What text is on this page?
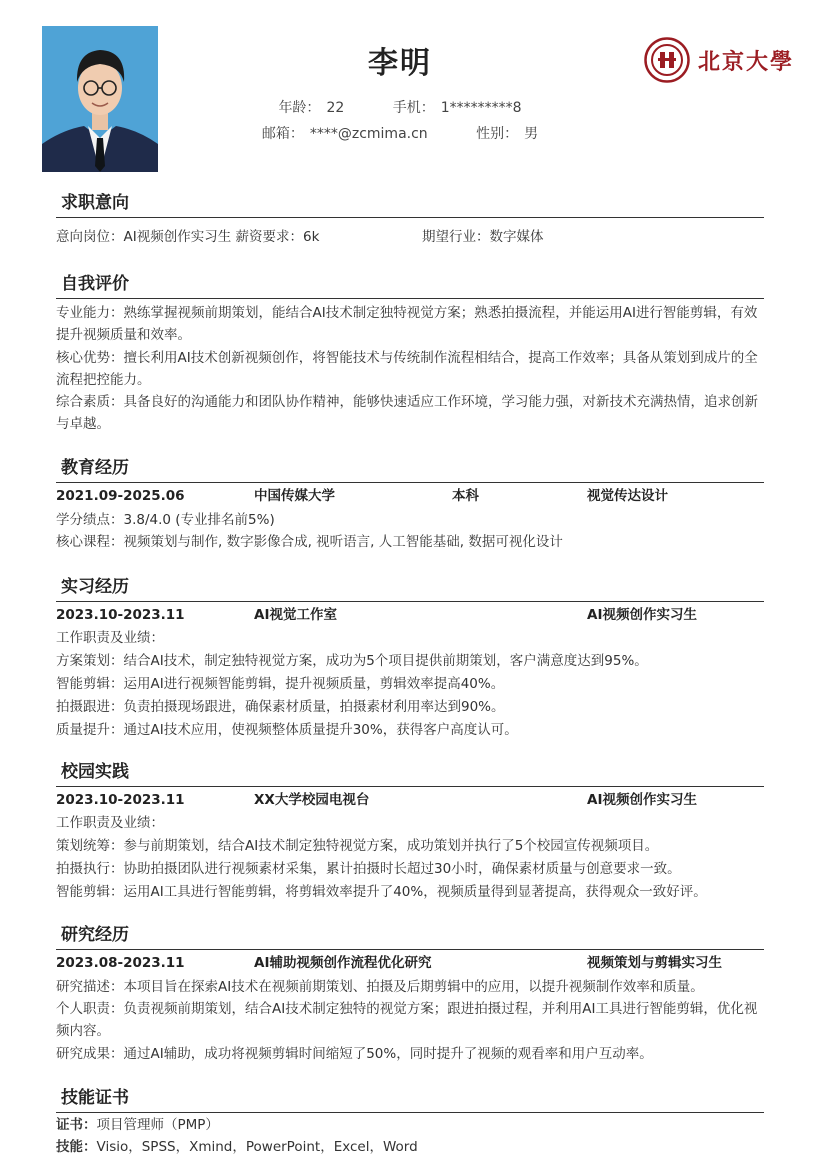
李明
年龄： 22	手机： 1*********8
邮箱： ****@zcmima.cn	性别： 男
北京大學
求职意向
意向岗位：AI视频创作实习生 薪资要求：6k	期望行业：数字媒体
自我评价
专业能力：熟练掌握视频前期策划，能结合AI技术制定独特视觉方案；熟悉拍摄流程，并能运用AI进行智能剪辑，有效提升视频质量和效率。
核心优势：擅长利用AI技术创新视频创作，将智能技术与传统制作流程相结合，提高工作效率；具备从策划到成片的全流程把控能力。
综合素质：具备良好的沟通能力和团队协作精神，能够快速适应工作环境，学习能力强，对新技术充满热情，追求创新与卓越。
教育经历
2021.09-2025.06	中国传媒大学	本科	视觉传达设计
学分绩点：3.8/4.0 (专业排名前5%)
核心课程：视频策划与制作, 数字影像合成, 视听语言, 人工智能基础, 数据可视化设计
实习经历
2023.10-2023.11	AI视觉工作室	AI视频创作实习生
工作职责及业绩：
方案策划：结合AI技术，制定独特视觉方案，成功为5个项目提供前期策划，客户满意度达到95%。
智能剪辑：运用AI进行视频智能剪辑，提升视频质量，剪辑效率提高40%。
拍摄跟进：负责拍摄现场跟进，确保素材质量，拍摄素材利用率达到90%。
质量提升：通过AI技术应用，使视频整体质量提升30%，获得客户高度认可。
校园实践
2023.10-2023.11	XX大学校园电视台	AI视频创作实习生
工作职责及业绩：
策划统筹：参与前期策划，结合AI技术制定独特视觉方案，成功策划并执行了5个校园宣传视频项目。
拍摄执行：协助拍摄团队进行视频素材采集，累计拍摄时长超过30小时，确保素材质量与创意要求一致。
智能剪辑：运用AI工具进行智能剪辑，将剪辑效率提升了40%，视频质量得到显著提高，获得观众一致好评。
研究经历
2023.08-2023.11	AI辅助视频创作流程优化研究	视频策划与剪辑实习生
研究描述：本项目旨在探索AI技术在视频前期策划、拍摄及后期剪辑中的应用，以提升视频制作效率和质量。
个人职责：负责视频前期策划，结合AI技术制定独特的视觉方案；跟进拍摄过程，并利用AI工具进行智能剪辑，优化视频内容。
研究成果：通过AI辅助，成功将视频剪辑时间缩短了50%，同时提升了视频的观看率和用户互动率。
技能证书
证书：项目管理师（PMP）
技能：Visio，SPSS，Xmind，PowerPoint，Excel，Word
